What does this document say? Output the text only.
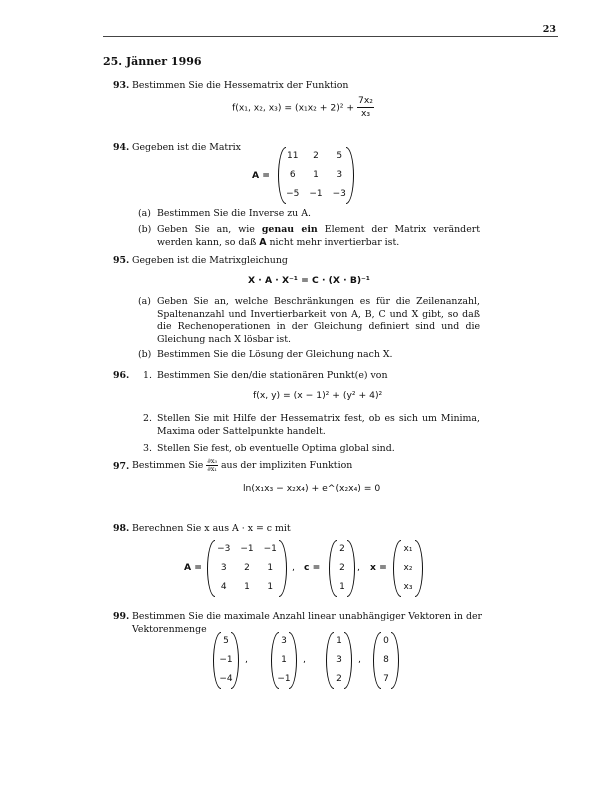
23
25. Jänner 1996
93. Bestimmen Sie die Hessematrix der Funktion
f(x₁, x₂, $x_3) = (x_1x_2 + 2)^2 + \frac{\text{7x₂}}{\text{x₃}}$
94. Gegeben ist die Matrix
A =
11	2	5
6	1	3
−5	−1	−3
(a) Bestimmen Sie die Inverse zu A.
(b) Geben Sie an, wie genau ein Element der Matrix verändert werden kann, so daß A nicht mehr invertierbar ist.
95. Gegeben ist die Matrixgleichung
X · A · X⁻¹ = C · (X · B)⁻¹
(a) Geben Sie an, welche Beschränkungen es für die Zeilenanzahl, Spaltenanzahl und Invertierbarkeit von A, B, C und X gibt, so daß die Rechenoperationen in der Gleichung definiert sind und die Gleichung nach X lösbar ist.
(b) Bestimmen Sie die Lösung der Gleichung nach X.
96. 1. Bestimmen Sie den/die stationären Punkt(e) von
f(x, y) = (x − 1)² + (y² + 4)²
2. Stellen Sie mit Hilfe der Hessematrix fest, ob es sich um Minima, Maxima oder Sattelpunkte handelt.
3. Stellen Sie fest, ob eventuelle Optima global sind.
97. Bestimmen Sie $\frac{\text{∂x₃}}{\text{∂x₁}}$ aus der impliziten Funktion
ln(x₁x₃ − x₂x₄) + e^(x₂x₄) = 0
98. Berechnen Sie x aus A · x = c mit
A =
−3	−1	−1
3	2	1
4	1	1
, c =
2
2
1
, x =
x₁
x₂
x₃
99. Bestimmen Sie die maximale Anzahl linear unabhängiger Vektoren in der Vektorenmenge
5
−1
−4
,
3
1
−1
,
1
3
2
,
0
8
7
